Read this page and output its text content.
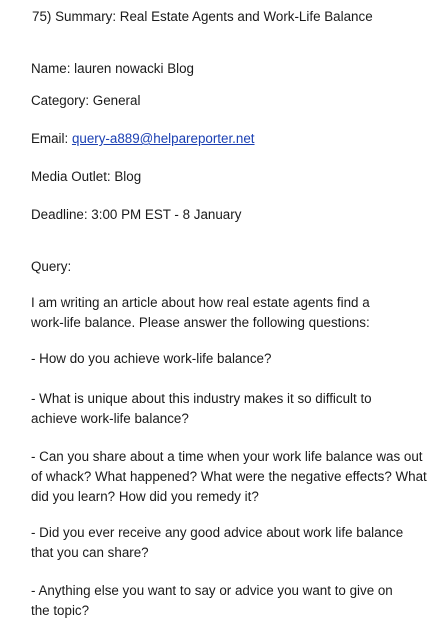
75) Summary: Real Estate Agents and Work-Life Balance
Name: lauren nowacki Blog
Category: General
Email: query-a889@helpareporter.net
Media Outlet: Blog
Deadline: 3:00 PM EST - 8 January
Query:
I am writing an article about how real estate agents find a
work-life balance. Please answer the following questions:
- How do you achieve work-life balance?
- What is unique about this industry makes it so difficult to
achieve work-life balance?
- Can you share about a time when your work life balance was out
of whack? What happened? What were the negative effects? What
did you learn? How did you remedy it?
- Did you ever receive any good advice about work life balance
that you can share?
- Anything else you want to say or advice you want to give on
the topic?
